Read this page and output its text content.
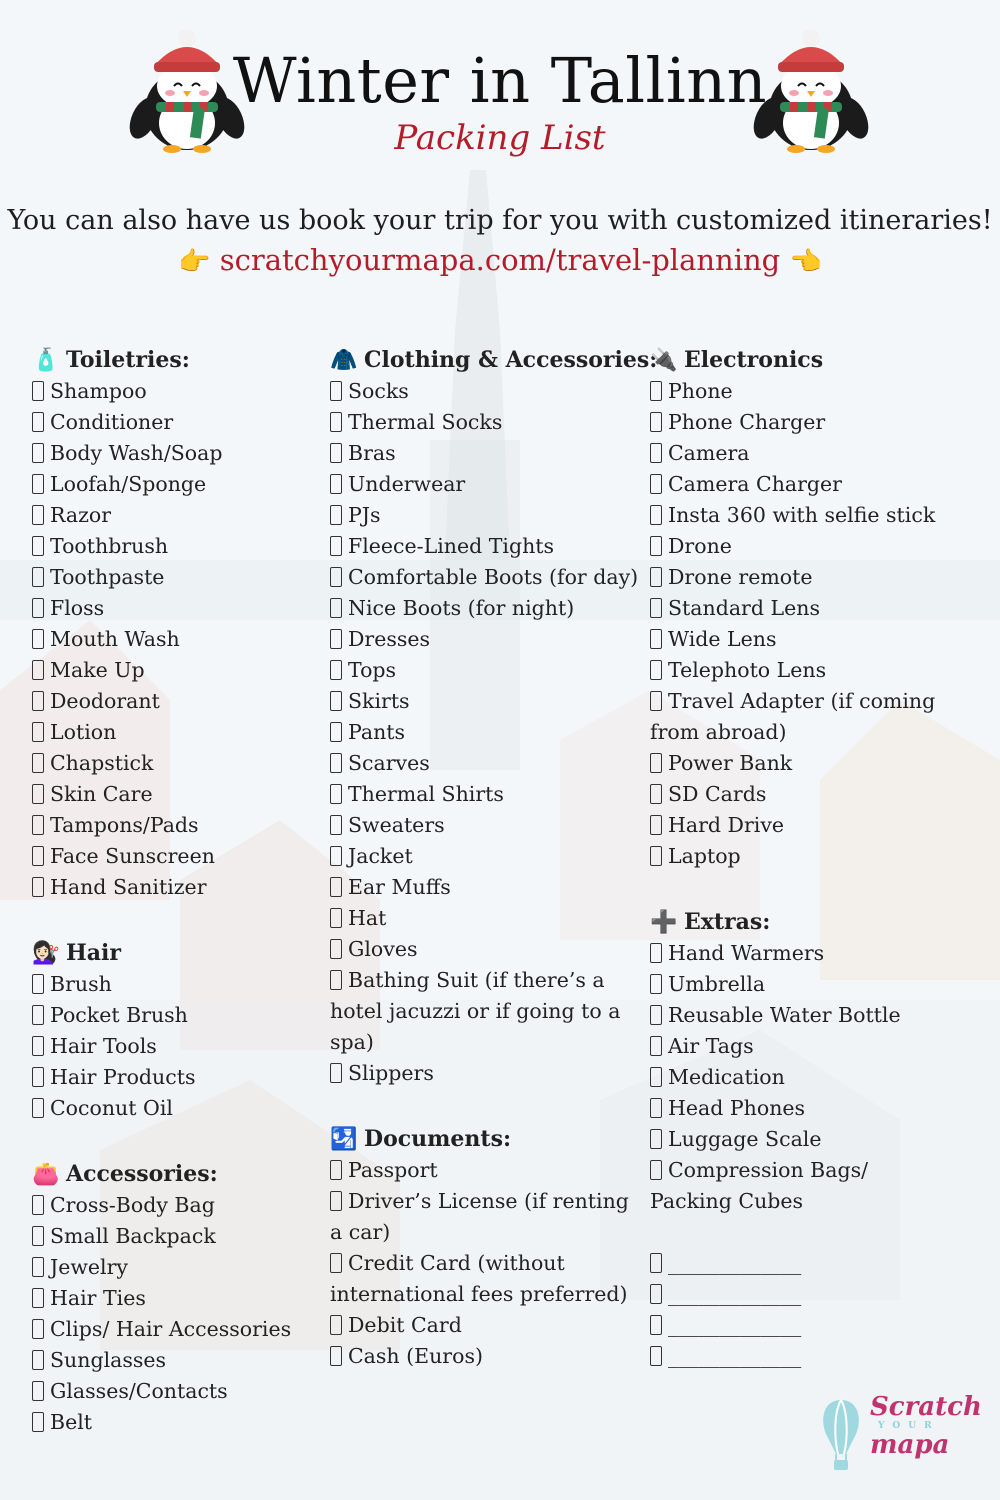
Winter in Tallinn
Packing List
You can also have us book your trip for you with customized itineraries!
👉 scratchyourmapa.com/travel-planning 👈
🧴 Toiletries:
Shampoo
Conditioner
Body Wash/Soap
Loofah/Sponge
Razor
Toothbrush
Toothpaste
Floss
Mouth Wash
Make Up
Deodorant
Lotion
Chapstick
Skin Care
Tampons/Pads
Face Sunscreen
Hand Sanitizer
💇🏻‍♀️ Hair
Brush
Pocket Brush
Hair Tools
Hair Products
Coconut Oil
👛 Accessories:
Cross-Body Bag
Small Backpack
Jewelry
Hair Ties
Clips/ Hair Accessories
Sunglasses
Glasses/Contacts
Belt
🧥 Clothing & Accessories:
Socks
Thermal Socks
Bras
Underwear
PJs
Fleece-Lined Tights
Comfortable Boots (for day)
Nice Boots (for night)
Dresses
Tops
Skirts
Pants
Scarves
Thermal Shirts
Sweaters
Jacket
Ear Muffs
Hat
Gloves
Bathing Suit (if there’s a hotel jacuzzi or if going to a spa)
Slippers
🛂 Documents:
Passport
Driver’s License (if renting a car)
Credit Card (without international fees preferred)
Debit Card
Cash (Euros)
🔌 Electronics
Phone
Phone Charger
Camera
Camera Charger
Insta 360 with selfie stick
Drone
Drone remote
Standard Lens
Wide Lens
Telephoto Lens
Travel Adapter (if coming from abroad)
Power Bank
SD Cards
Hard Drive
Laptop
➕ Extras:
Hand Warmers
Umbrella
Reusable Water Bottle
Air Tags
Medication
Head Phones
Luggage Scale
Compression Bags/ Packing Cubes
_____________
_____________
_____________
_____________
Scratch
YOUR
mapa
